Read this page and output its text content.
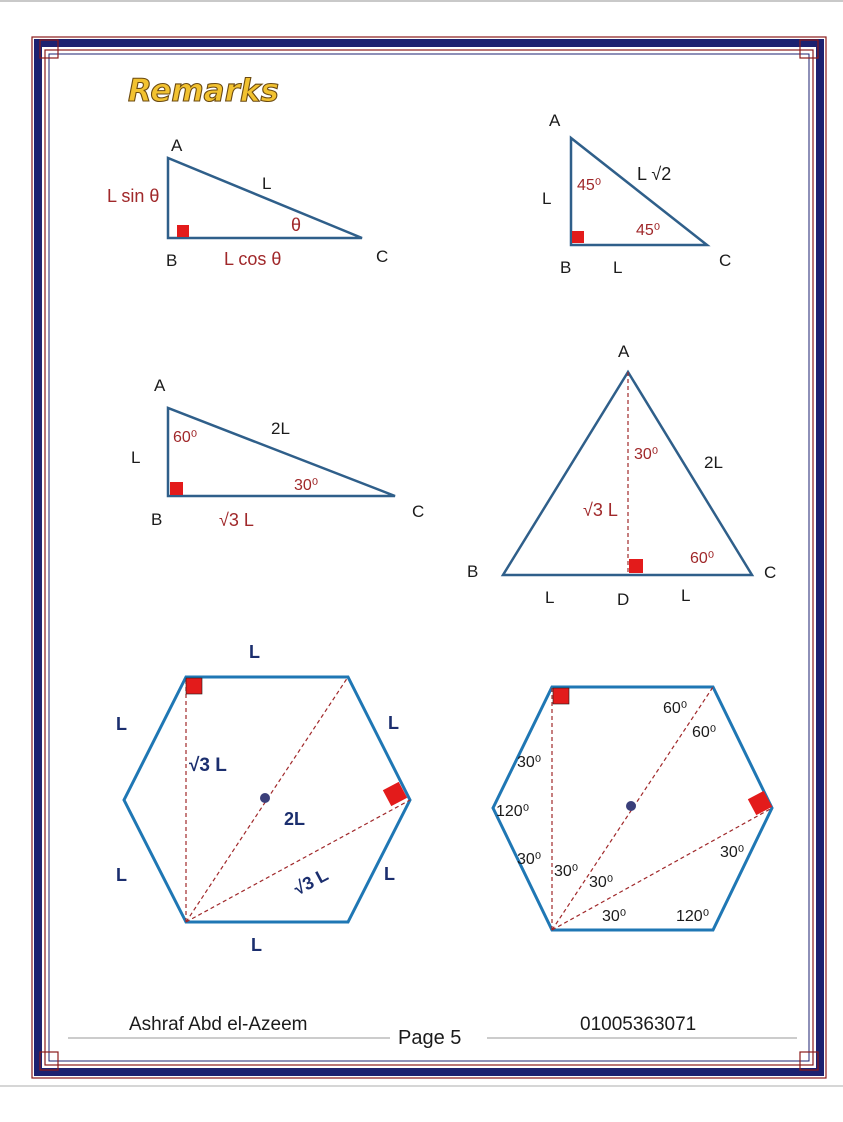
Remarks
A
B	C
L sin θ
L
L cos θ
θ
A
B	C
L
L √2
L
45⁰
45⁰
A
B	C
L
2L
√3 L
60⁰
30⁰
A
B	C
D
2L
√3 L
L	L
30⁰
60⁰
L
L	L
L	L
L
√3 L
2L
√3 L
60⁰
60⁰
30⁰
120⁰
30⁰
30⁰
30⁰
30⁰	120⁰
30⁰
Ashraf Abd el-Azeem
Page 5
01005363071
